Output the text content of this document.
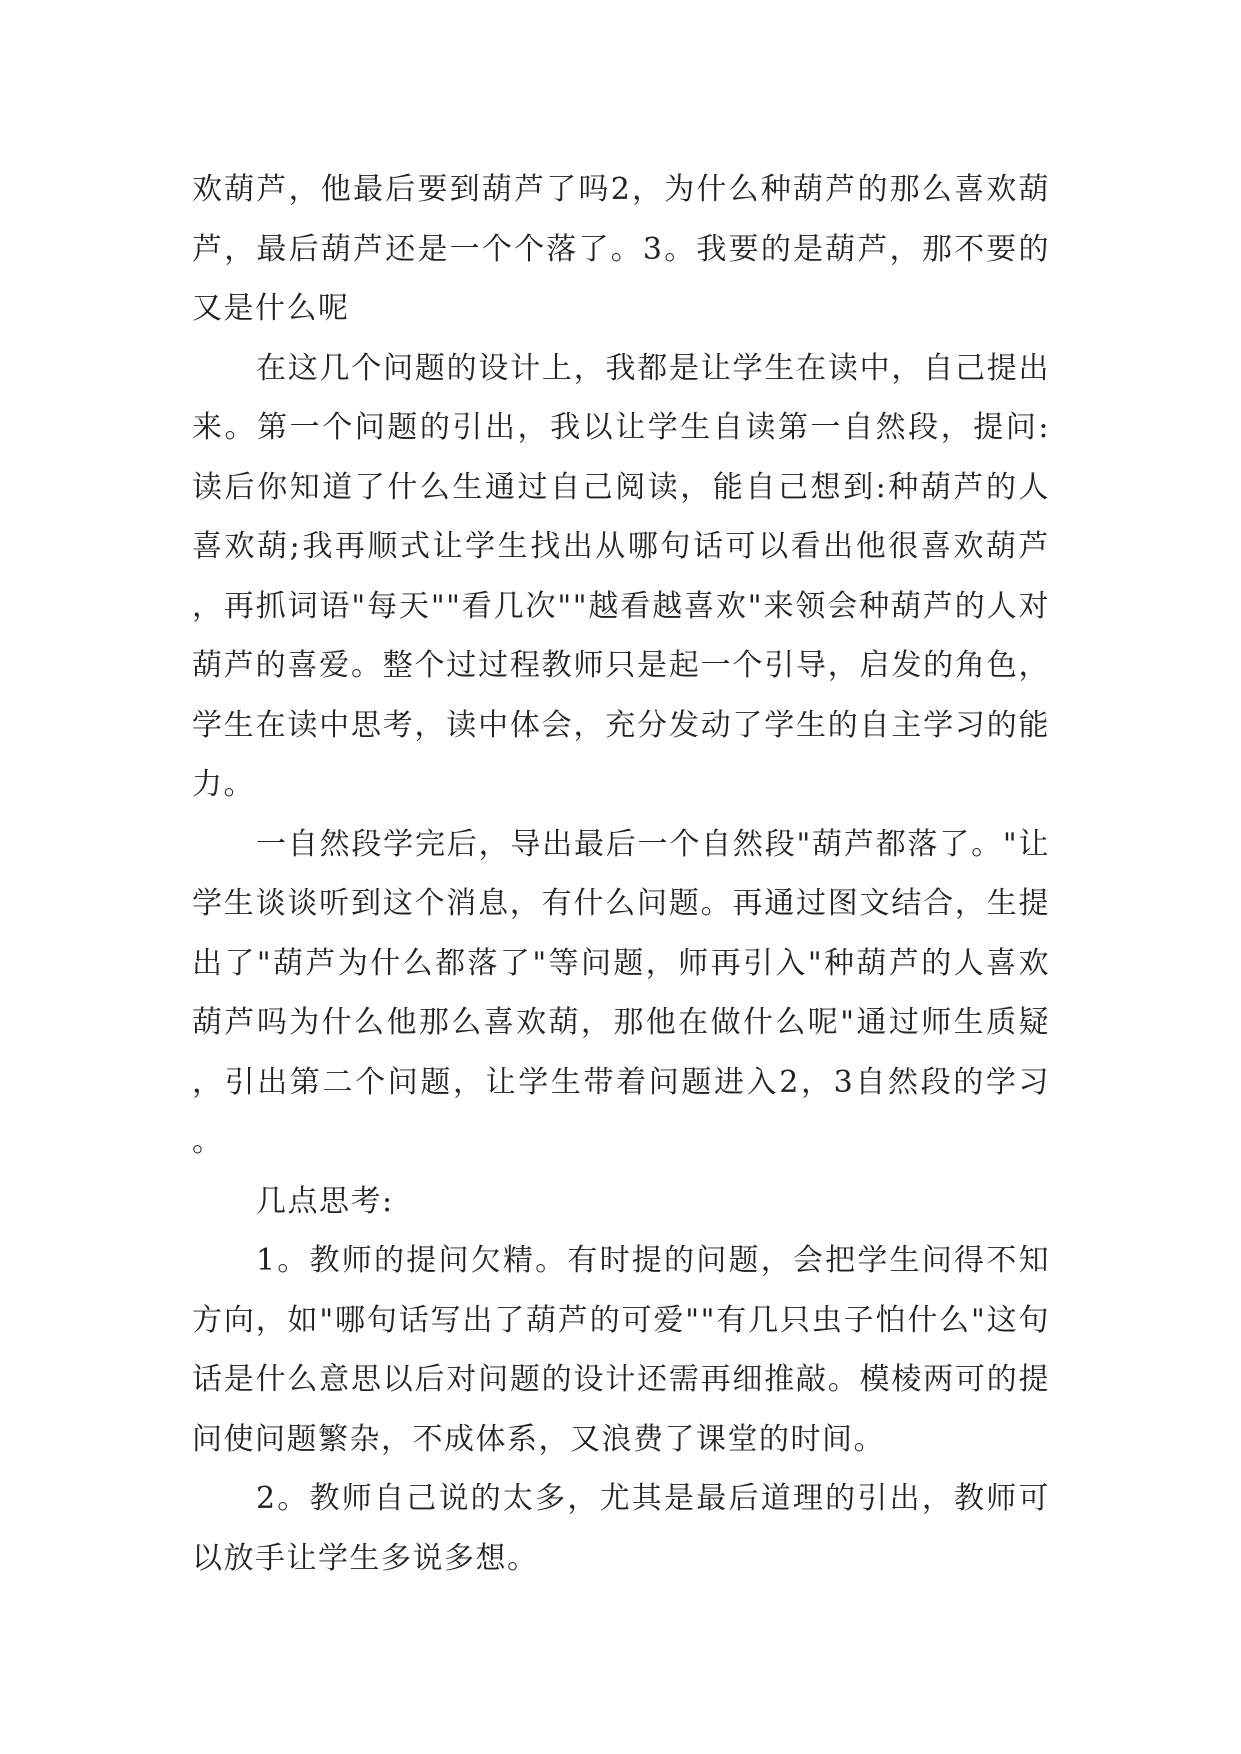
欢葫芦，他最后要到葫芦了吗2，为什么种葫芦的那么喜欢葫芦，最后葫芦还是一个个落了。3。我要的是葫芦，那不要的又是什么呢

在这几个问题的设计上，我都是让学生在读中，自己提出来。第一个问题的引出，我以让学生自读第一自然段，提问:读后你知道了什么生通过自己阅读，能自己想到:种葫芦的人喜欢葫;我再顺式让学生找出从哪句话可以看出他很喜欢葫芦，再抓词语"每天""看几次""越看越喜欢"来领会种葫芦的人对葫芦的喜爱。整个过过程教师只是起一个引导，启发的角色，学生在读中思考，读中体会，充分发动了学生的自主学习的能力。

一自然段学完后，导出最后一个自然段"葫芦都落了。"让学生谈谈听到这个消息，有什么问题。再通过图文结合，生提出了"葫芦为什么都落了"等问题，师再引入"种葫芦的人喜欢葫芦吗为什么他那么喜欢葫，那他在做什么呢"通过师生质疑，引出第二个问题，让学生带着问题进入2，3自然段的学习。

几点思考:

1。教师的提问欠精。有时提的问题，会把学生问得不知方向，如"哪句话写出了葫芦的可爱""有几只虫子怕什么"这句话是什么意思以后对问题的设计还需再细推敲。模棱两可的提问使问题繁杂，不成体系，又浪费了课堂的时间。

2。教师自己说的太多，尤其是最后道理的引出，教师可以放手让学生多说多想。
